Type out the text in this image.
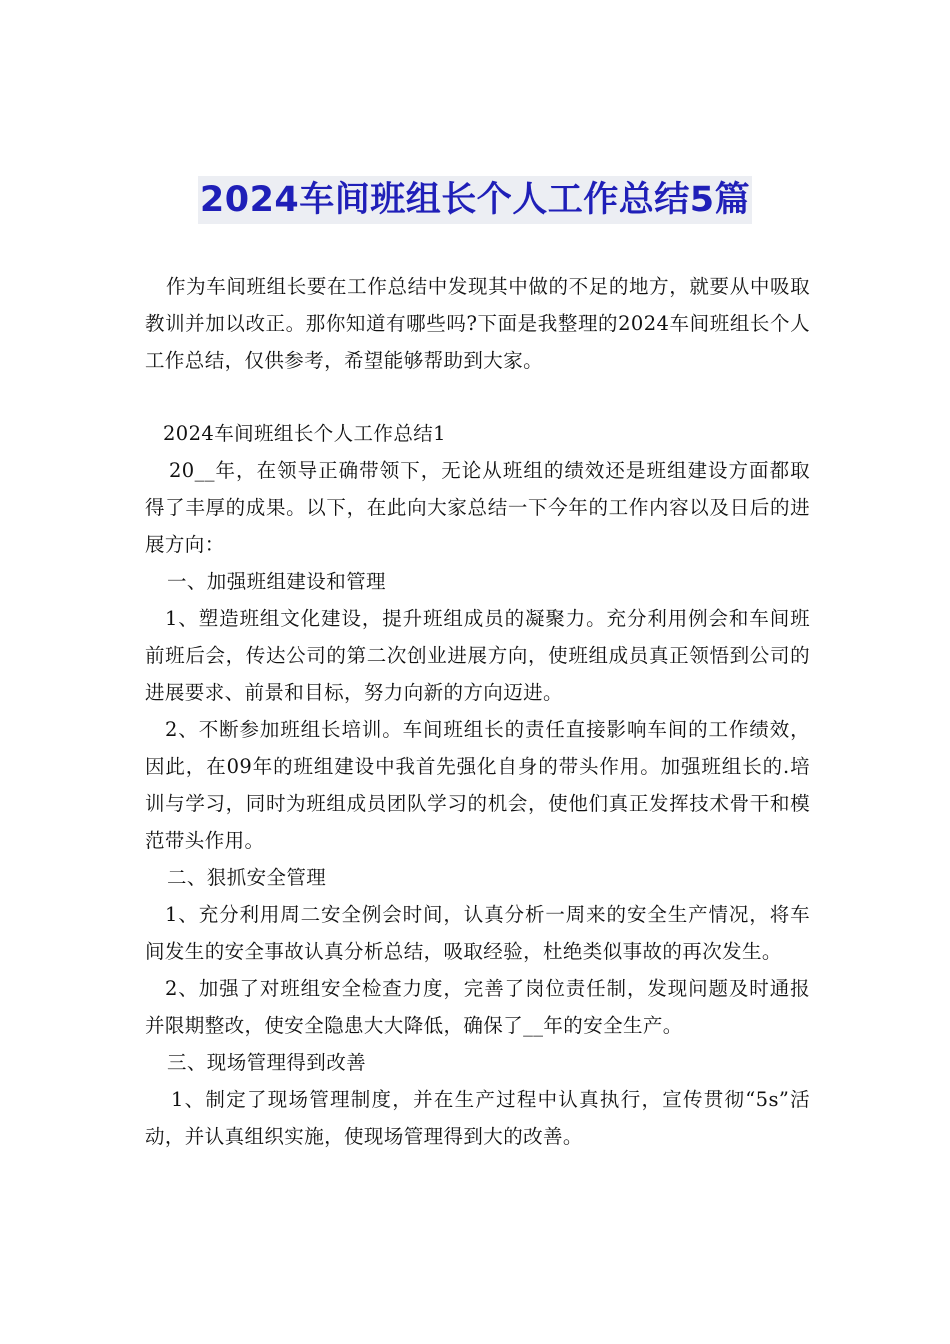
2024车间班组长个人工作总结5篇

作为车间班组长要在工作总结中发现其中做的不足的地方，就要从中吸取教训并加以改正。那你知道有哪些吗?下面是我整理的2024车间班组长个人工作总结，仅供参考，希望能够帮助到大家。

2024车间班组长个人工作总结1

20__年，在领导正确带领下，无论从班组的绩效还是班组建设方面都取得了丰厚的成果。以下，在此向大家总结一下今年的工作内容以及日后的进展方向：

一、加强班组建设和管理

1、塑造班组文化建设，提升班组成员的凝聚力。充分利用例会和车间班前班后会，传达公司的第二次创业进展方向，使班组成员真正领悟到公司的进展要求、前景和目标，努力向新的方向迈进。

2、不断参加班组长培训。车间班组长的责任直接影响车间的工作绩效，因此，在09年的班组建设中我首先强化自身的带头作用。加强班组长的.培训与学习，同时为班组成员团队学习的机会，使他们真正发挥技术骨干和模范带头作用。

二、狠抓安全管理

1、充分利用周二安全例会时间，认真分析一周来的安全生产情况，将车间发生的安全事故认真分析总结，吸取经验，杜绝类似事故的再次发生。

2、加强了对班组安全检查力度，完善了岗位责任制，发现问题及时通报并限期整改，使安全隐患大大降低，确保了__年的安全生产。

三、现场管理得到改善

1、制定了现场管理制度，并在生产过程中认真执行，宣传贯彻“5s”活动，并认真组织实施，使现场管理得到大的改善。
